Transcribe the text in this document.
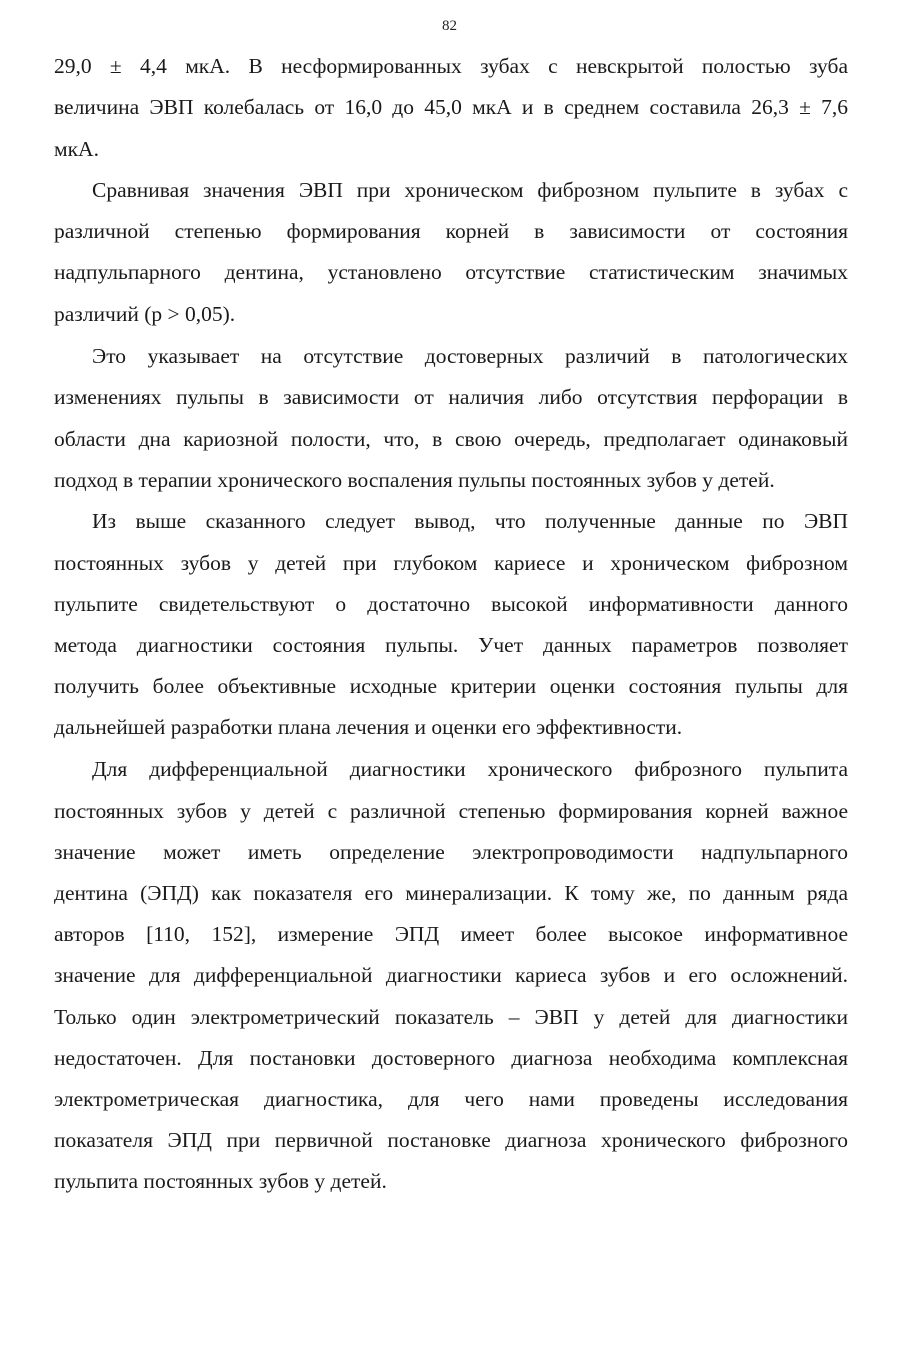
82
29,0 ± 4,4 мкА. В несформированных зубах с невскрытой полостью зуба
величина ЭВП колебалась от 16,0 до 45,0 мкА и в среднем составила 26,3 ± 7,6
мкА.
Сравнивая значения ЭВП при хроническом фиброзном пульпите в зубах с
различной степенью формирования корней в зависимости от состояния
надпульпарного дентина, установлено отсутствие статистическим значимых
различий (р > 0,05).
Это указывает на отсутствие достоверных различий в патологических
изменениях пульпы в зависимости от наличия либо отсутствия перфорации в
области дна кариозной полости, что, в свою очередь, предполагает одинаковый
подход в терапии хронического воспаления пульпы постоянных зубов у детей.
Из выше сказанного следует вывод, что полученные данные по ЭВП
постоянных зубов у детей при глубоком кариесе и хроническом фиброзном
пульпите свидетельствуют о достаточно высокой информативности данного
метода диагностики состояния пульпы. Учет данных параметров позволяет
получить более объективные исходные критерии оценки состояния пульпы для
дальнейшей разработки плана лечения и оценки его эффективности.
Для дифференциальной диагностики хронического фиброзного пульпита
постоянных зубов у детей с различной степенью формирования корней важное
значение может иметь определение электропроводимости надпульпарного
дентина (ЭПД) как показателя его минерализации. К тому же, по данным ряда
авторов [110, 152], измерение ЭПД имеет более высокое информативное
значение для дифференциальной диагностики кариеса зубов и его осложнений.
Только один электрометрический показатель – ЭВП у детей для диагностики
недостаточен. Для постановки достоверного диагноза необходима комплексная
электрометрическая диагностика, для чего нами проведены исследования
показателя ЭПД при первичной постановке диагноза хронического фиброзного
пульпита постоянных зубов у детей.
